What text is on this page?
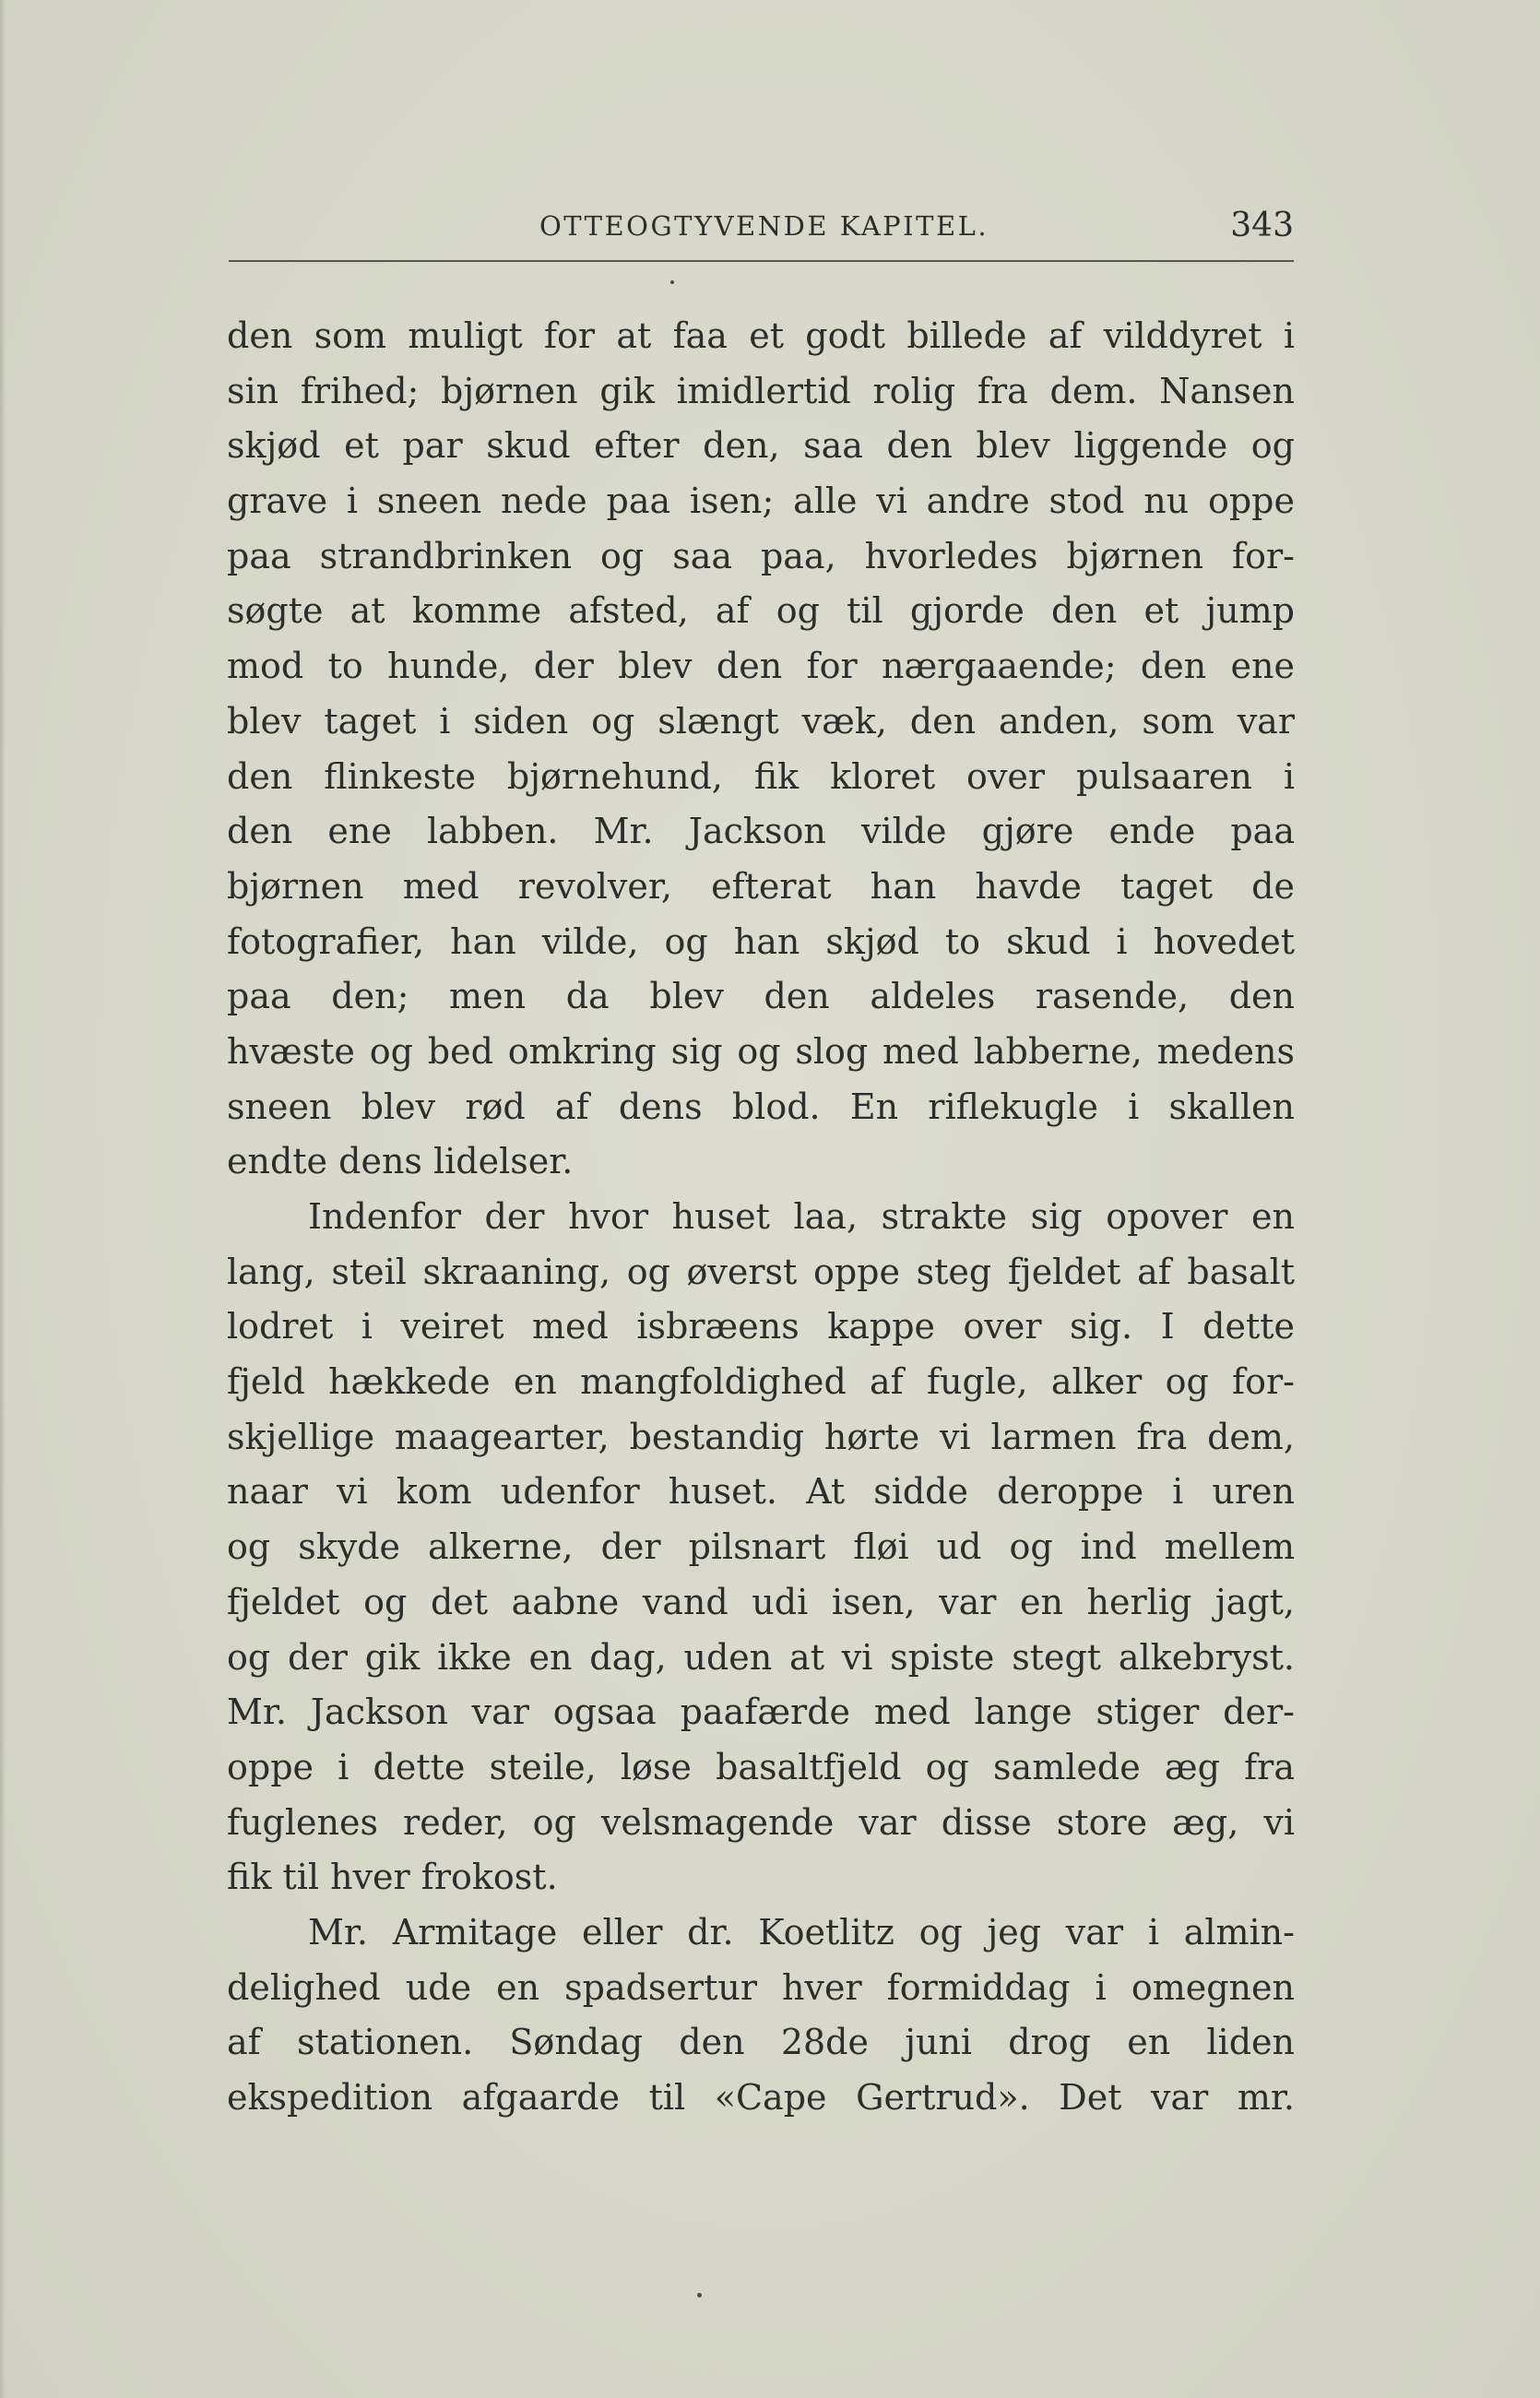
OTTEOGTYVENDE KAPITEL.	343
den som muligt for at faa et godt billede af vilddyret i
sin frihed; bjørnen gik imidlertid rolig fra dem. Nansen
skjød et par skud efter den, saa den blev liggende og
grave i sneen nede paa isen; alle vi andre stod nu oppe
paa strandbrinken og saa paa, hvorledes bjørnen for-
søgte at komme afsted, af og til gjorde den et jump
mod to hunde, der blev den for nærgaaende; den ene
blev taget i siden og slængt væk, den anden, som var
den flinkeste bjørnehund, fik kloret over pulsaaren i
den ene labben. Mr. Jackson vilde gjøre ende paa
bjørnen med revolver, efterat han havde taget de
fotografier, han vilde, og han skjød to skud i hovedet
paa den; men da blev den aldeles rasende, den
hvæste og bed omkring sig og slog med labberne, medens
sneen blev rød af dens blod. En riflekugle i skallen
endte dens lidelser.
Indenfor der hvor huset laa, strakte sig opover en
lang, steil skraaning, og øverst oppe steg fjeldet af basalt
lodret i veiret med isbræens kappe over sig. I dette
fjeld hækkede en mangfoldighed af fugle, alker og for-
skjellige maagearter, bestandig hørte vi larmen fra dem,
naar vi kom udenfor huset. At sidde deroppe i uren
og skyde alkerne, der pilsnart fløi ud og ind mellem
fjeldet og det aabne vand udi isen, var en herlig jagt,
og der gik ikke en dag, uden at vi spiste stegt alkebryst.
Mr. Jackson var ogsaa paafærde med lange stiger der-
oppe i dette steile, løse basaltfjeld og samlede æg fra
fuglenes reder, og velsmagende var disse store æg, vi
fik til hver frokost.
Mr. Armitage eller dr. Koetlitz og jeg var i almin-
delighed ude en spadsertur hver formiddag i omegnen
af stationen. Søndag den 28de juni drog en liden
ekspedition afgaarde til «Cape Gertrud». Det var mr.
